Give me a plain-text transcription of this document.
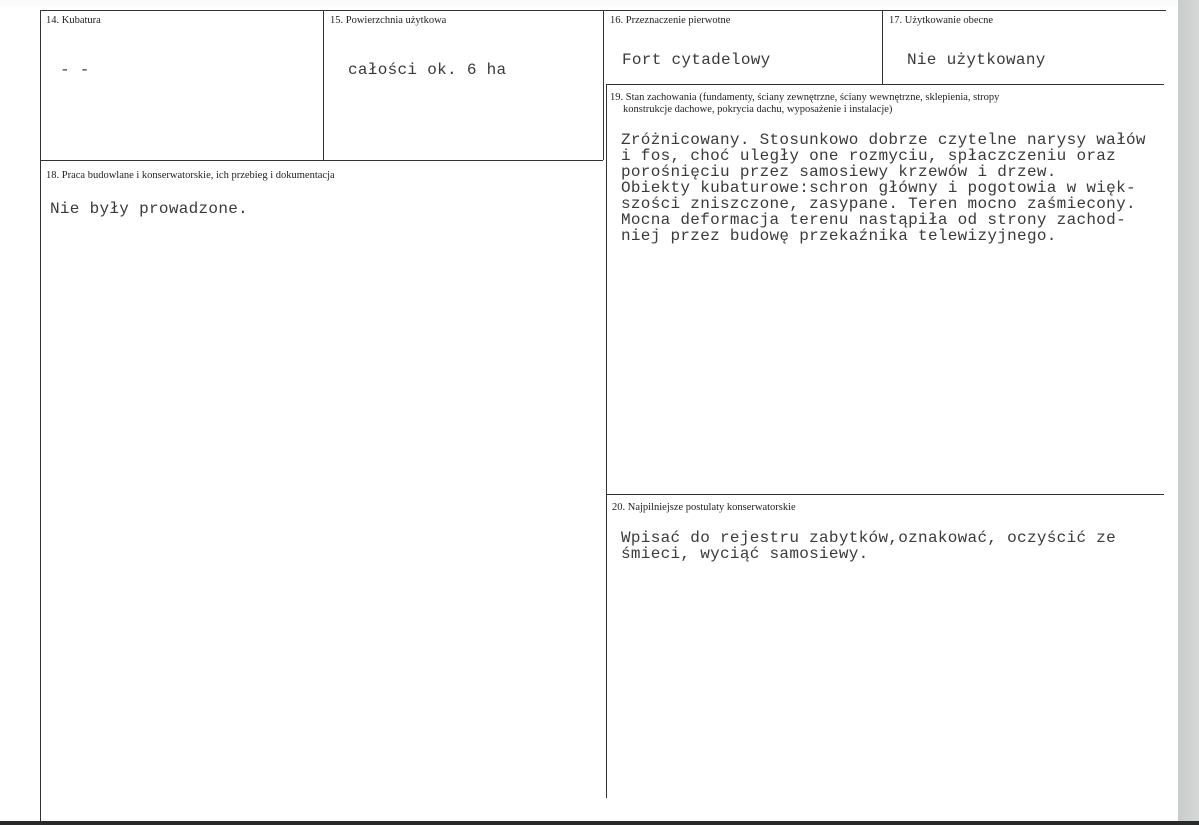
14. Kubatura
- -
15. Powierzchnia użytkowa
całości ok. 6 ha
16. Przeznaczenie pierwotne
Fort cytadelowy
17. Użytkowanie obecne
Nie użytkowany
19. Stan zachowania (fundamenty, ściany zewnętrzne, ściany wewnętrzne, sklepienia, stropy
konstrukcje dachowe, pokrycia dachu, wyposażenie i instalacje)
Zróżnicowany. Stosunkowo dobrze czytelne narysy wałów
i fos, choć uległy one rozmyciu, spłaczczeniu oraz
porośnięciu przez samosiewy krzewów i drzew.
Obiekty kubaturowe:schron główny i pogotowia w więk-
szości zniszczone, zasypane. Teren mocno zaśmiecony.
Mocna deformacja terenu nastąpiła od strony zachod-
niej przez budowę przekaźnika telewizyjnego.
18. Praca budowlane i konserwatorskie, ich przebieg i dokumentacja
Nie były prowadzone.
20. Najpilniejsze postulaty konserwatorskie
Wpisać do rejestru zabytków,oznakować, oczyścić ze
śmieci, wyciąć samosiewy.
